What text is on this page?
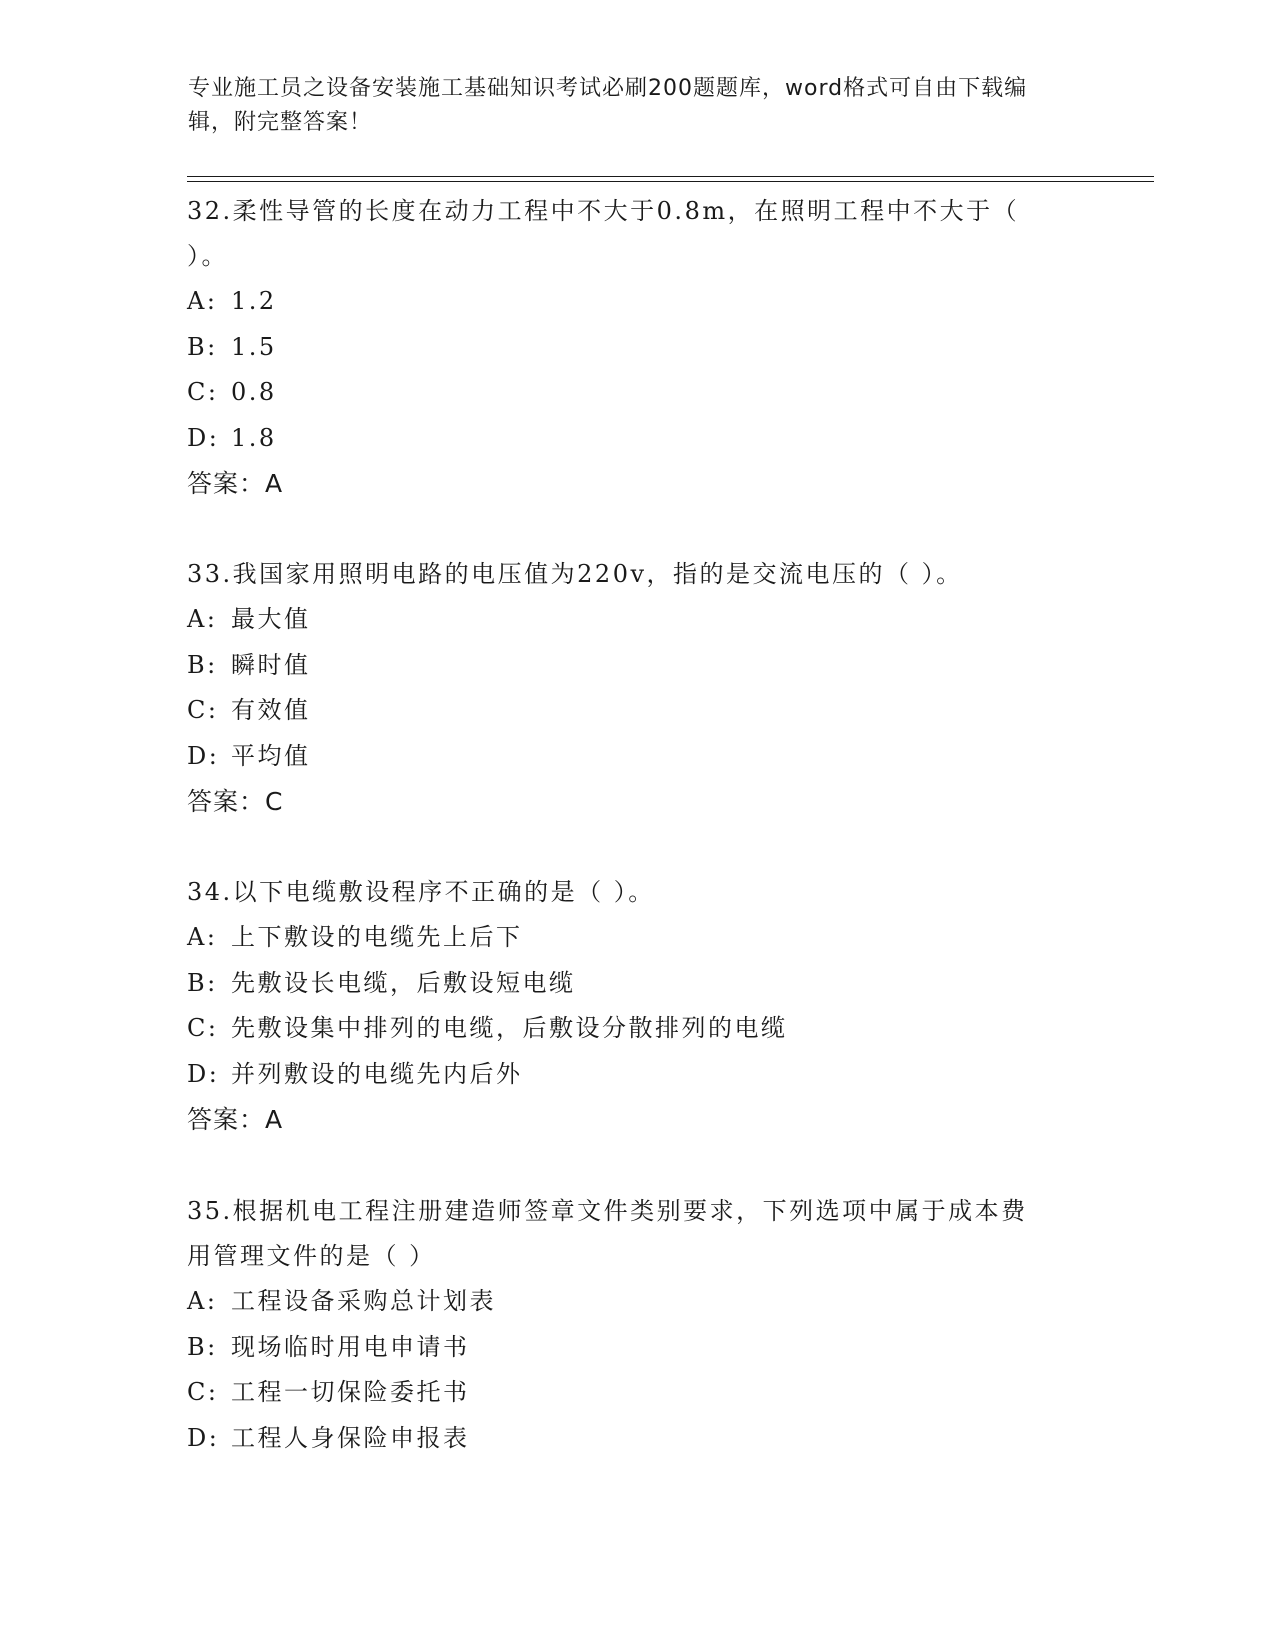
专业施工员之设备安装施工基础知识考试必刷200题题库，word格式可自由下载编辑，附完整答案！
32.柔性导管的长度在动力工程中不大于0.8m，在照明工程中不大于（ ）。
A: 1.2
B: 1.5
C: 0.8
D: 1.8
答案：A
33.我国家用照明电路的电压值为220v，指的是交流电压的（ ）。
A: 最大值
B: 瞬时值
C: 有效值
D: 平均值
答案：C
34.以下电缆敷设程序不正确的是（ ）。
A: 上下敷设的电缆先上后下
B: 先敷设长电缆，后敷设短电缆
C: 先敷设集中排列的电缆，后敷设分散排列的电缆
D: 并列敷设的电缆先内后外
答案：A
35.根据机电工程注册建造师签章文件类别要求，下列选项中属于成本费用管理文件的是（ ）
A: 工程设备采购总计划表
B: 现场临时用电申请书
C: 工程一切保险委托书
D: 工程人身保险申报表
